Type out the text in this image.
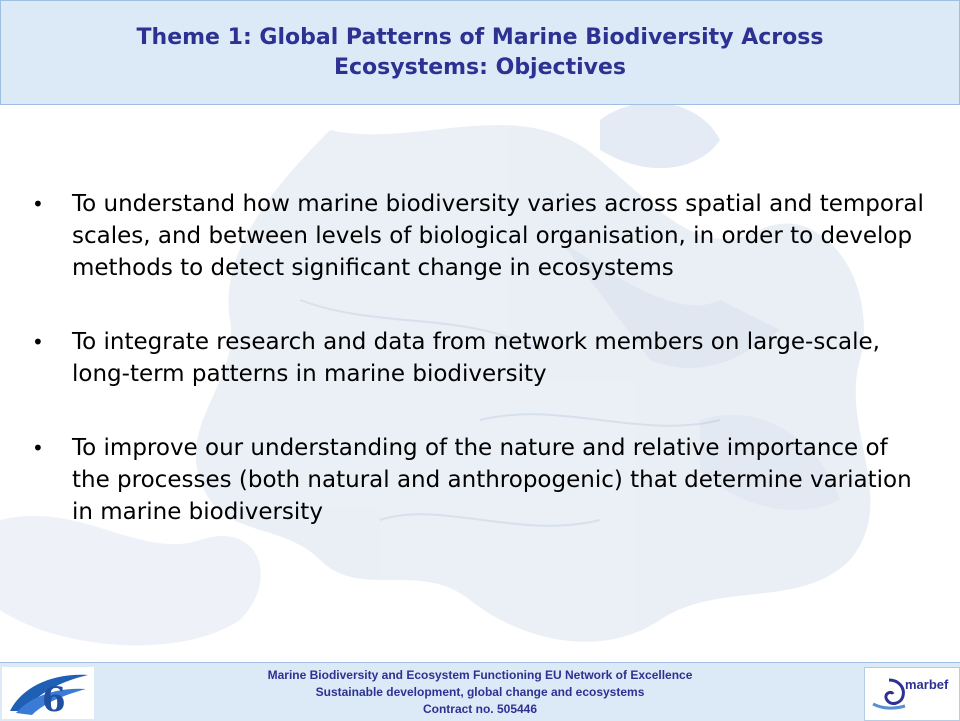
Theme 1: Global Patterns of Marine Biodiversity Across
Ecosystems: Objectives
•	To understand how marine biodiversity varies across spatial and temporal scales, and between levels of biological organisation, in order to develop methods to detect significant change in ecosystems
•	To integrate research and data from network members on large-scale, long-term patterns in marine biodiversity
•	To improve our understanding of the nature and relative importance of the processes (both natural and anthropogenic) that determine variation in marine biodiversity
6
Marine Biodiversity and Ecosystem Functioning EU Network of Excellence
Sustainable development, global change and ecosystems
Contract no. 505446
marbef
